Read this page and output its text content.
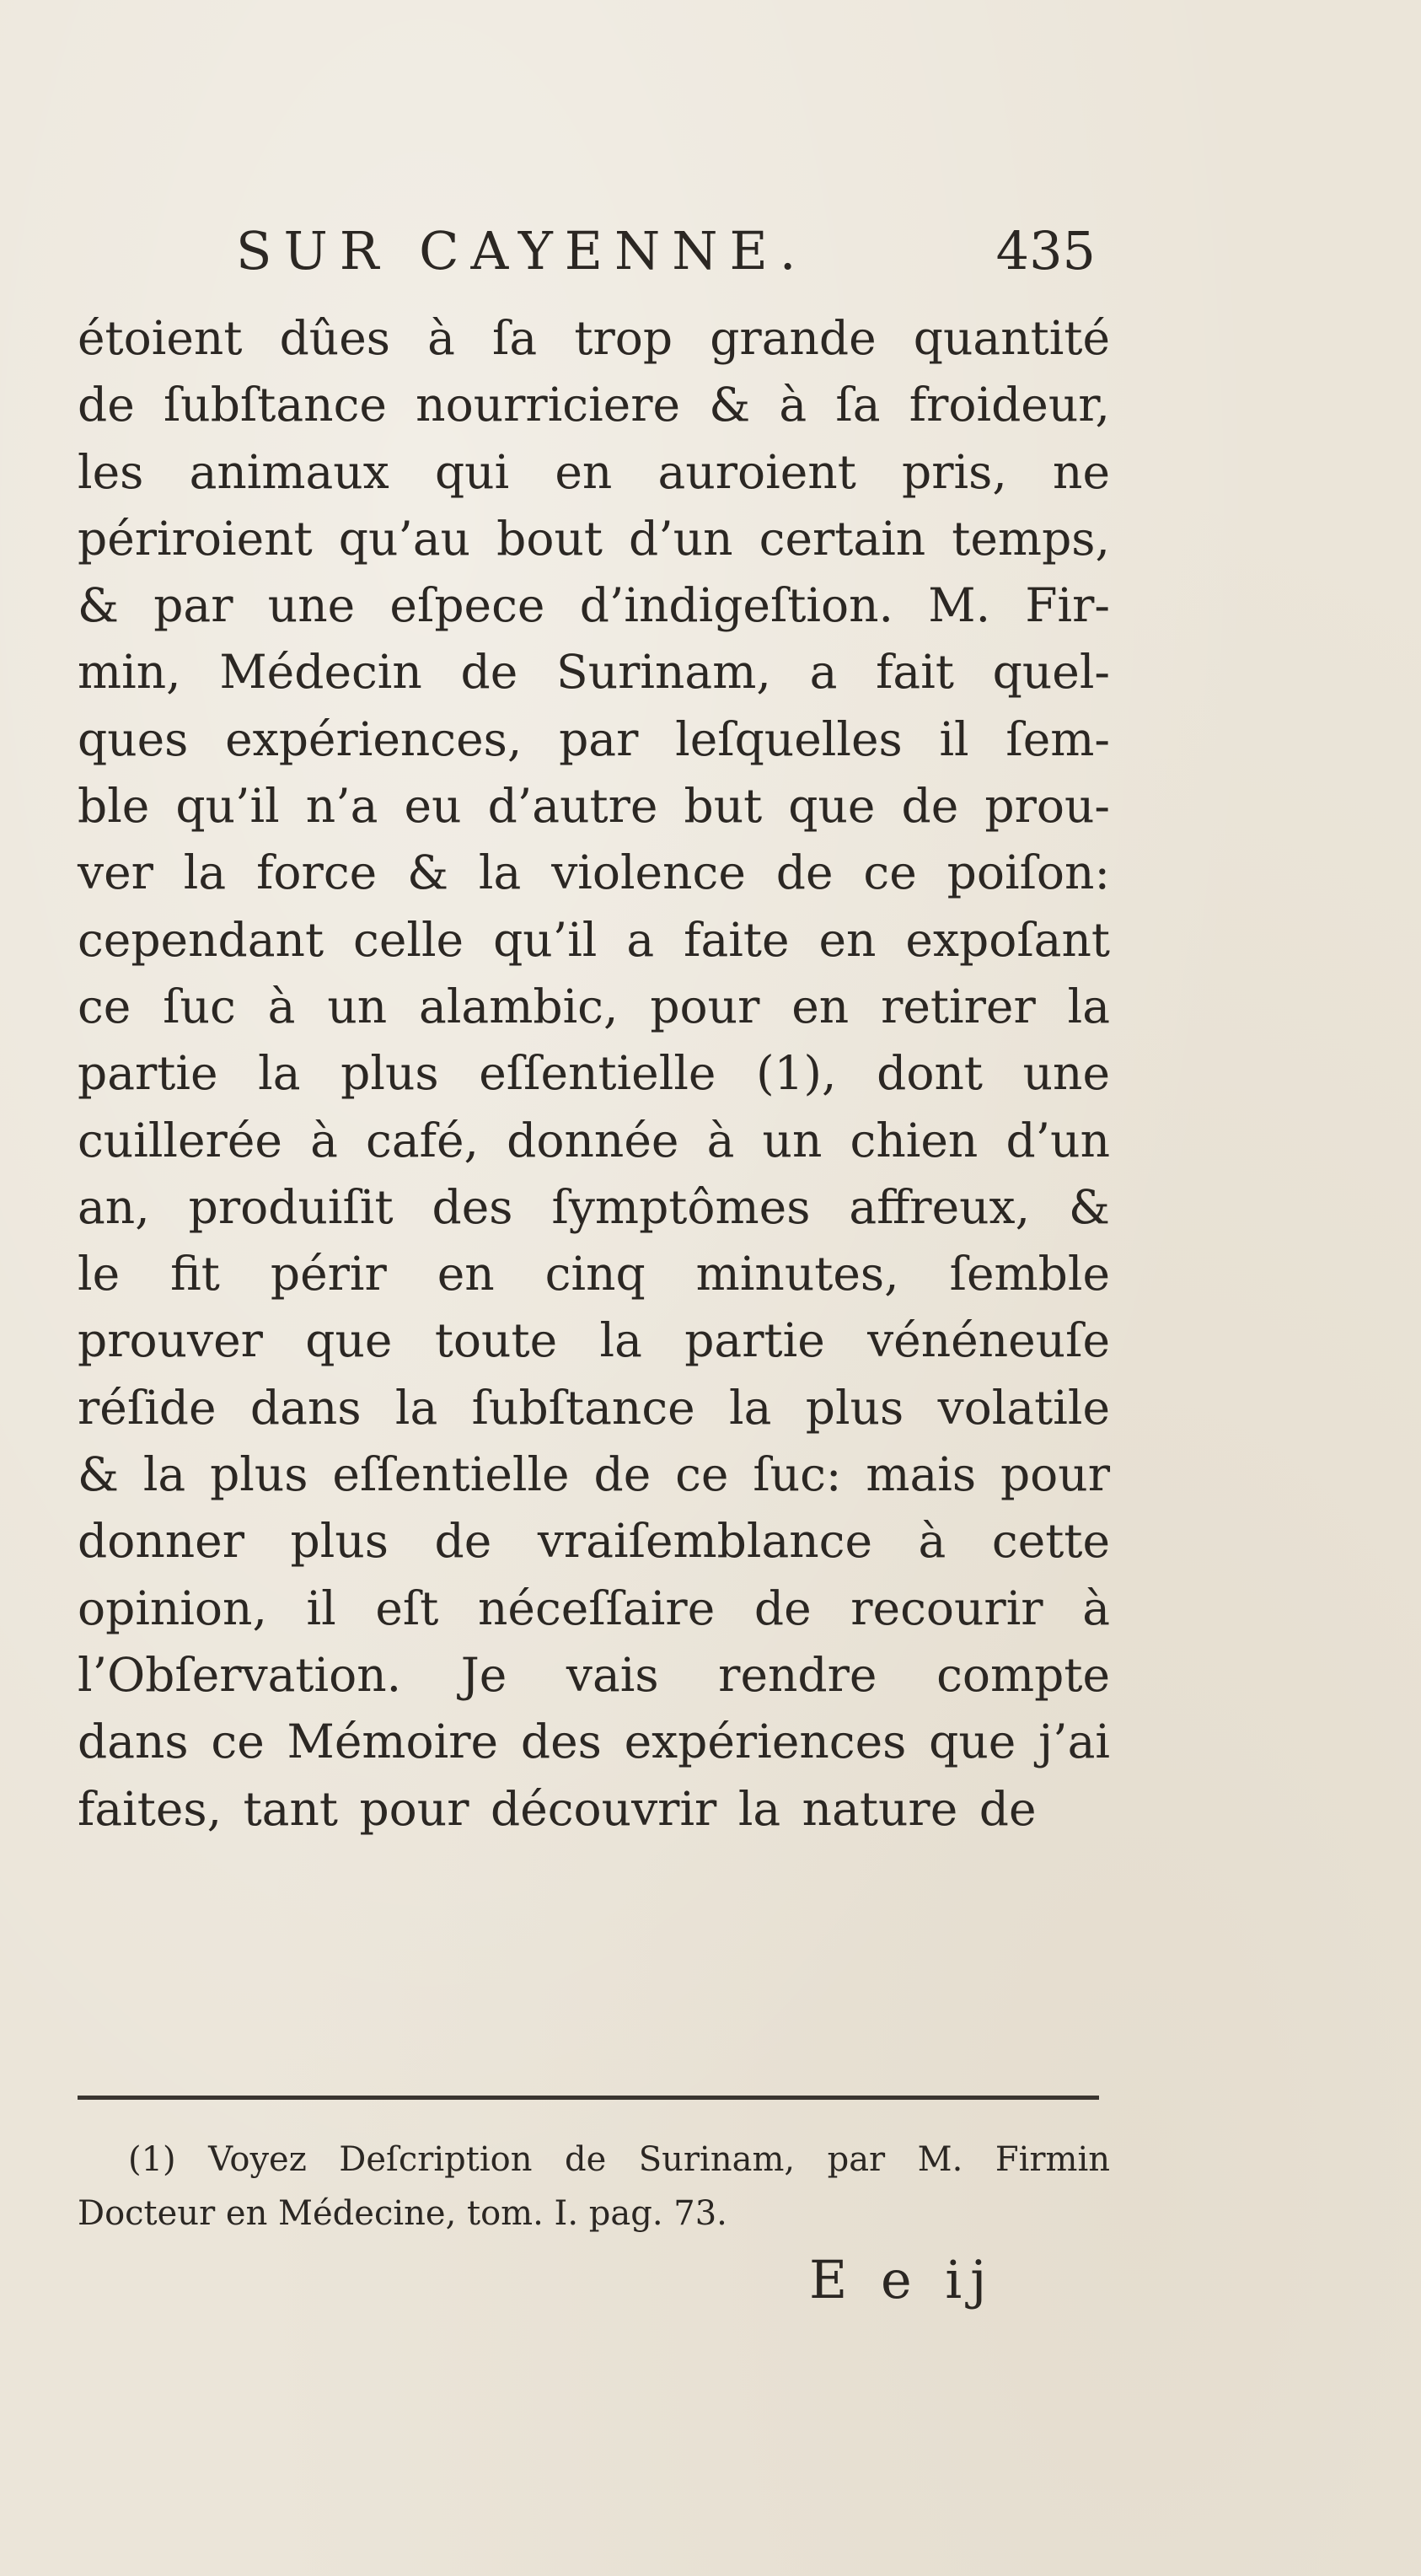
SUR CAYENNE.	435
étoient dûes à ſa trop grande quantité
de ſubſtance nourriciere & à ſa froideur,
les animaux qui en auroient pris, ne
périroient qu’au bout d’un certain temps,
& par une eſpece d’indigeſtion. M. Fir-
min, Médecin de Surinam, a fait quel-
ques expériences, par leſquelles il ſem-
ble qu’il n’a eu d’autre but que de prou-
ver la force & la violence de ce poiſon:
cependant celle qu’il a faite en expoſant
ce ſuc à un alambic, pour en retirer la
partie la plus eſſentielle (1), dont une
cuillerée à café, donnée à un chien d’un
an, produiſit des ſymptômes affreux, &
le fit périr en cinq minutes, ſemble
prouver que toute la partie vénéneuſe
réſide dans la ſubſtance la plus volatile
& la plus eſſentielle de ce ſuc: mais pour
donner plus de vraiſemblance à cette
opinion, il eſt néceſſaire de recourir à
l’Obſervation. Je vais rendre compte
dans ce Mémoire des expériences que j’ai
faites, tant pour découvrir la nature de
(1) Voyez Deſcription de Surinam, par M. Firmin
Docteur en Médecine, tom. I. pag. 73.
E e ij
